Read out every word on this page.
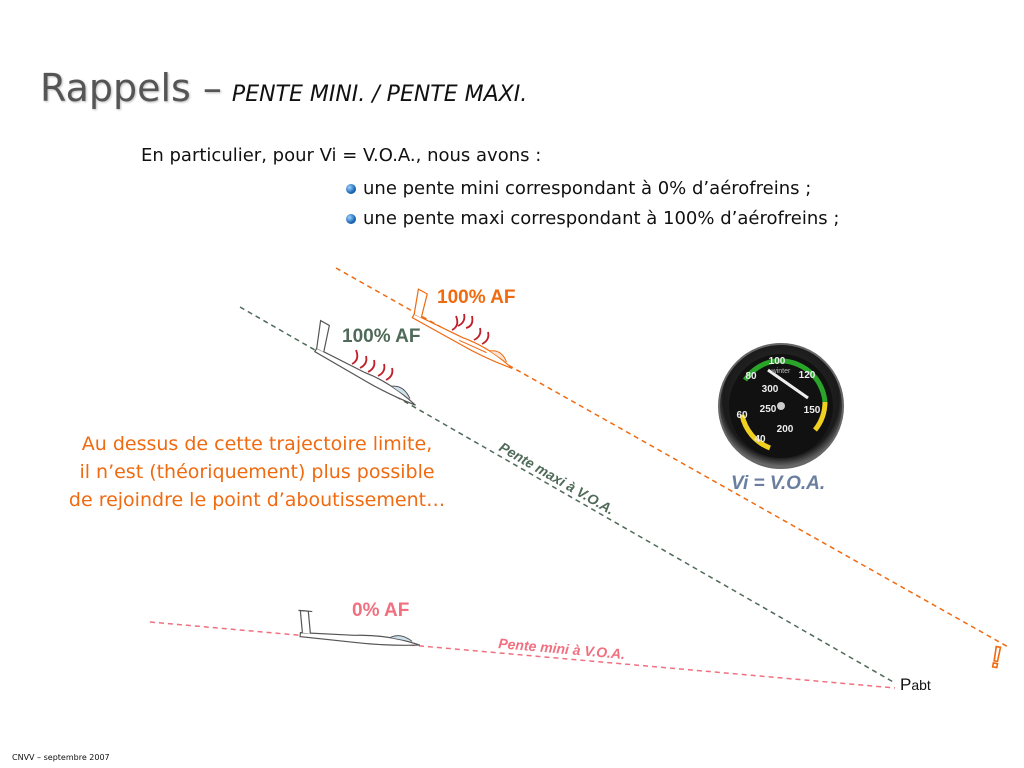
Rappels – PENTE MINI. / PENTE MAXI.
En particulier, pour Vi = V.O.A., nous avons :
une pente mini correspondant à 0% d’aérofreins ;
une pente maxi correspondant à 100% d’aérofreins ;
Au dessus de cette trajectoire limite,
il n’est (théoriquement) plus possible
de rejoindre le point d’aboutissement…
winter
100
120
150
200
250
300
80
60
40
Pente maxi à V.O.A.
Pente mini à V.O.A.	!
100% AF
100% AF
0% AF
Vi = V.O.A.
Pabt
CNVV – septembre 2007
